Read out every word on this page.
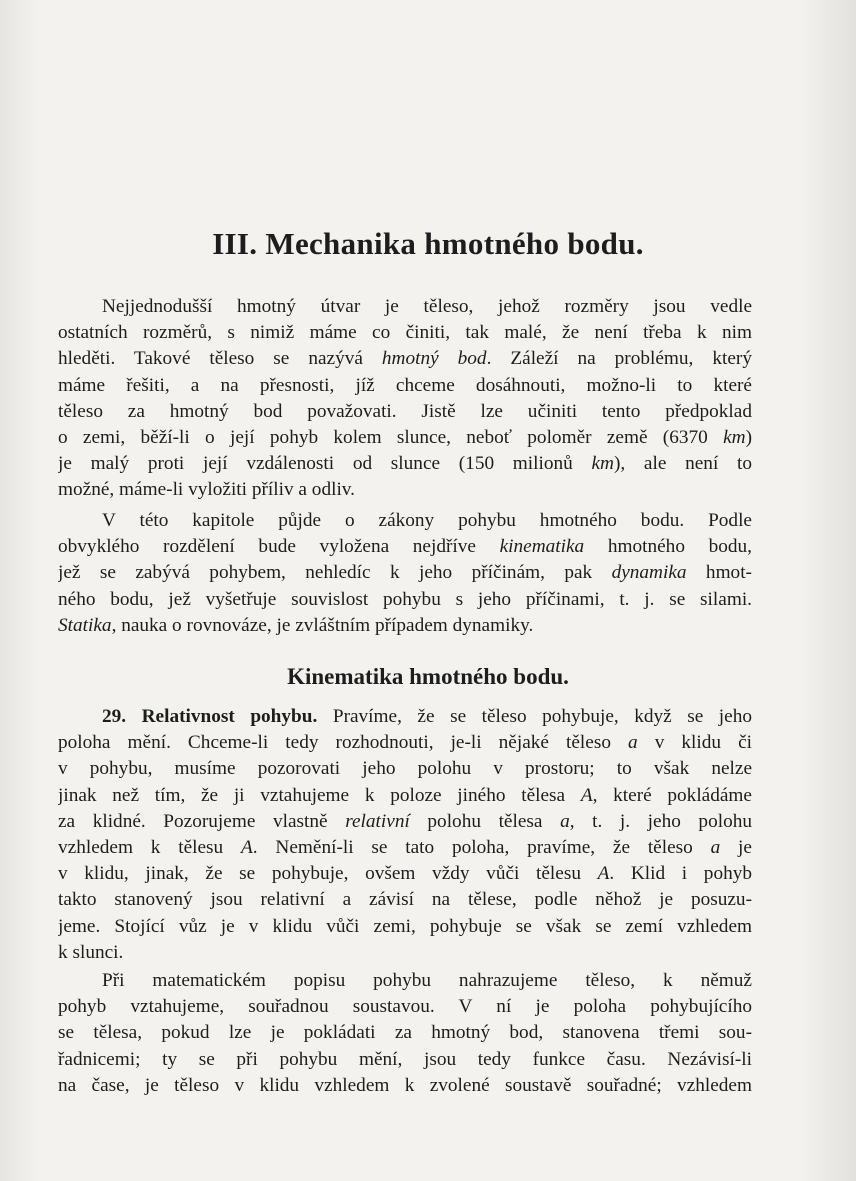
III. Mechanika hmotného bodu.
Nejjednodušší hmotný útvar je těleso, jehož rozměry jsou vedle
ostatních rozměrů, s nimiž máme co činiti, tak malé, že není třeba k nim
hleděti. Takové těleso se nazývá hmotný bod. Záleží na problému, který
máme řešiti, a na přesnosti, jíž chceme dosáhnouti, možno-li to které
těleso za hmotný bod považovati. Jistě lze učiniti tento předpoklad
o zemi, běží-li o její pohyb kolem slunce, neboť poloměr země (6370 km)
je malý proti její vzdálenosti od slunce (150 milionů km), ale není to
možné, máme-li vyložiti příliv a odliv.
V této kapitole půjde o zákony pohybu hmotného bodu. Podle
obvyklého rozdělení bude vyložena nejdříve kinematika hmotného bodu,
jež se zabývá pohybem, nehledíc k jeho příčinám, pak dynamika hmot-
ného bodu, jež vyšetřuje souvislost pohybu s jeho příčinami, t. j. se silami.
Statika, nauka o rovnováze, je zvláštním případem dynamiky.
Kinematika hmotného bodu.
29. Relativnost pohybu. Pravíme, že se těleso pohybuje, když se jeho
poloha mění. Chceme-li tedy rozhodnouti, je-li nějaké těleso a v klidu či
v pohybu, musíme pozorovati jeho polohu v prostoru; to však nelze
jinak než tím, že ji vztahujeme k poloze jiného tělesa A, které pokládáme
za klidné. Pozorujeme vlastně relativní polohu tělesa a, t. j. jeho polohu
vzhledem k tělesu A. Nemění-li se tato poloha, pravíme, že těleso a je
v klidu, jinak, že se pohybuje, ovšem vždy vůči tělesu A. Klid i pohyb
takto stanovený jsou relativní a závisí na tělese, podle něhož je posuzu-
jeme. Stojící vůz je v klidu vůči zemi, pohybuje se však se zemí vzhledem
k slunci.
Při matematickém popisu pohybu nahrazujeme těleso, k němuž
pohyb vztahujeme, souřadnou soustavou. V ní je poloha pohybujícího
se tělesa, pokud lze je pokládati za hmotný bod, stanovena třemi sou-
řadnicemi; ty se při pohybu mění, jsou tedy funkce času. Nezávisí-li
na čase, je těleso v klidu vzhledem k zvolené soustavě souřadné; vzhledem
